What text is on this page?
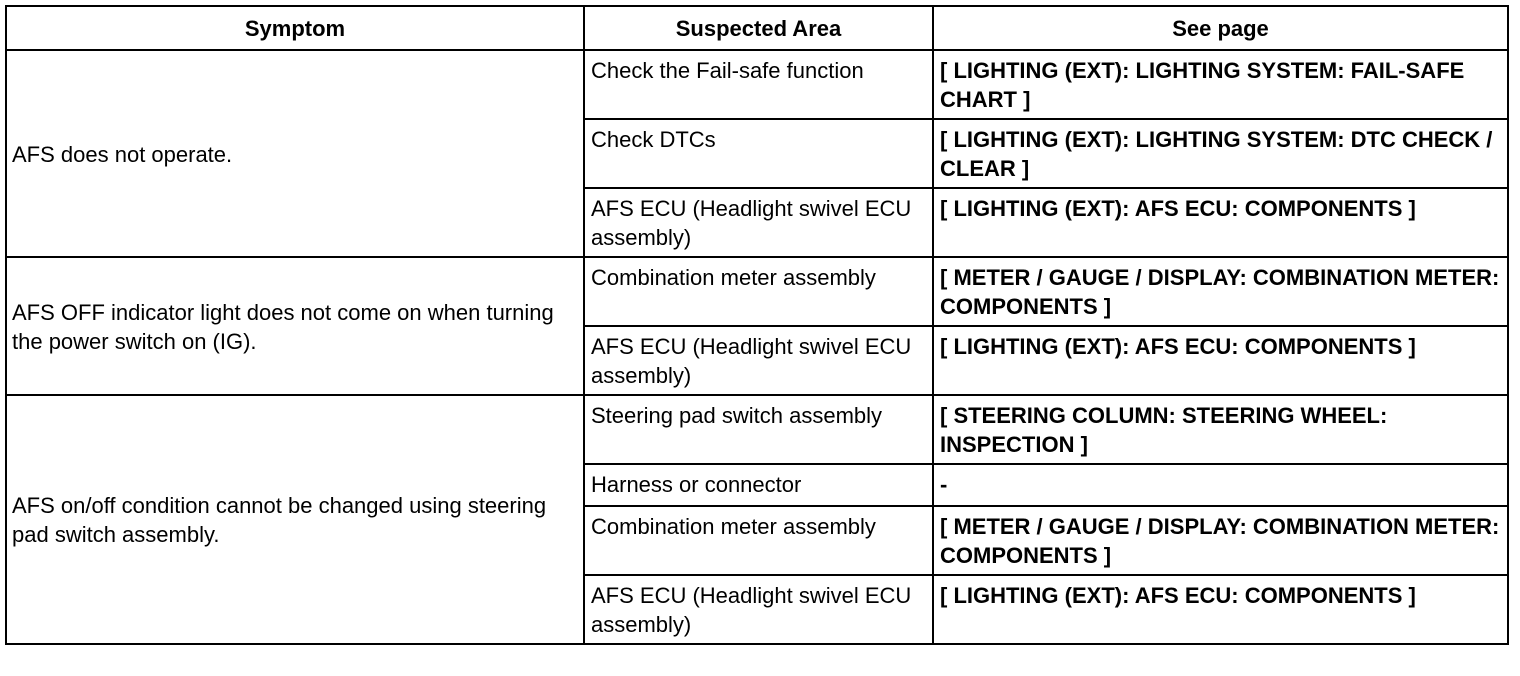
Symptom	Suspected Area	See page
AFS does not operate.	Check the Fail-safe function	[ LIGHTING (EXT): LIGHTING SYSTEM: FAIL-SAFE CHART ]
	Check DTCs	[ LIGHTING (EXT): LIGHTING SYSTEM: DTC CHECK / CLEAR ]
	AFS ECU (Headlight swivel ECU assembly)	[ LIGHTING (EXT): AFS ECU: COMPONENTS ]
AFS OFF indicator light does not come on when turning the power switch on (IG).	Combination meter assembly	[ METER / GAUGE / DISPLAY: COMBINATION METER: COMPONENTS ]
	AFS ECU (Headlight swivel ECU assembly)	[ LIGHTING (EXT): AFS ECU: COMPONENTS ]
AFS on/off condition cannot be changed using steering pad switch assembly.	Steering pad switch assembly	[ STEERING COLUMN: STEERING WHEEL: INSPECTION ]
	Harness or connector	-
	Combination meter assembly	[ METER / GAUGE / DISPLAY: COMBINATION METER: COMPONENTS ]
	AFS ECU (Headlight swivel ECU assembly)	[ LIGHTING (EXT): AFS ECU: COMPONENTS ]
